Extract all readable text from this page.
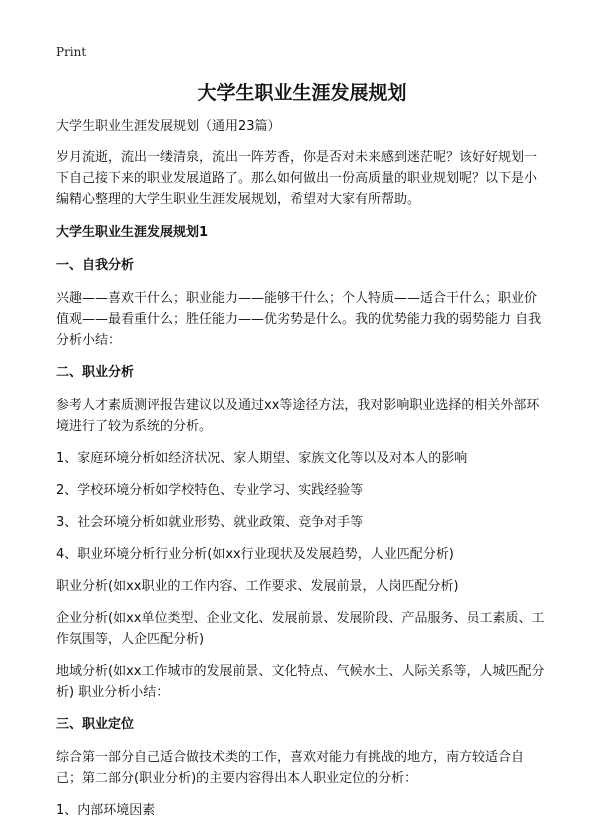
Print
大学生职业生涯发展规划

大学生职业生涯发展规划（通用23篇）

岁月流逝，流出一缕清泉，流出一阵芳香，你是否对未来感到迷茫呢？该好好规划一下自己接下来的职业发展道路了。那么如何做出一份高质量的职业规划呢？以下是小编精心整理的大学生职业生涯发展规划，希望对大家有所帮助。

大学生职业生涯发展规划1
一、自我分析

兴趣——喜欢干什么；职业能力——能够干什么；个人特质——适合干什么；职业价值观——最看重什么；胜任能力——优劣势是什么。我的优势能力我的弱势能力 自我分析小结：

二、职业分析

参考人才素质测评报告建议以及通过xx等途径方法，我对影响职业选择的相关外部环境进行了较为系统的分析。

1、家庭环境分析如经济状况、家人期望、家族文化等以及对本人的影响

2、学校环境分析如学校特色、专业学习、实践经验等

3、社会环境分析如就业形势、就业政策、竞争对手等

4、职业环境分析行业分析(如xx行业现状及发展趋势，人业匹配分析)

职业分析(如xx职业的工作内容、工作要求、发展前景，人岗匹配分析)

企业分析(如xx单位类型、企业文化、发展前景、发展阶段、产品服务、员工素质、工作氛围等，人企匹配分析)

地域分析(如xx工作城市的发展前景、文化特点、气候水土、人际关系等，人城匹配分析) 职业分析小结：

三、职业定位

综合第一部分自己适合做技术类的工作，喜欢对能力有挑战的地方，南方较适合自己；第二部分(职业分析)的主要内容得出本人职业定位的分析：

1、内部环境因素
